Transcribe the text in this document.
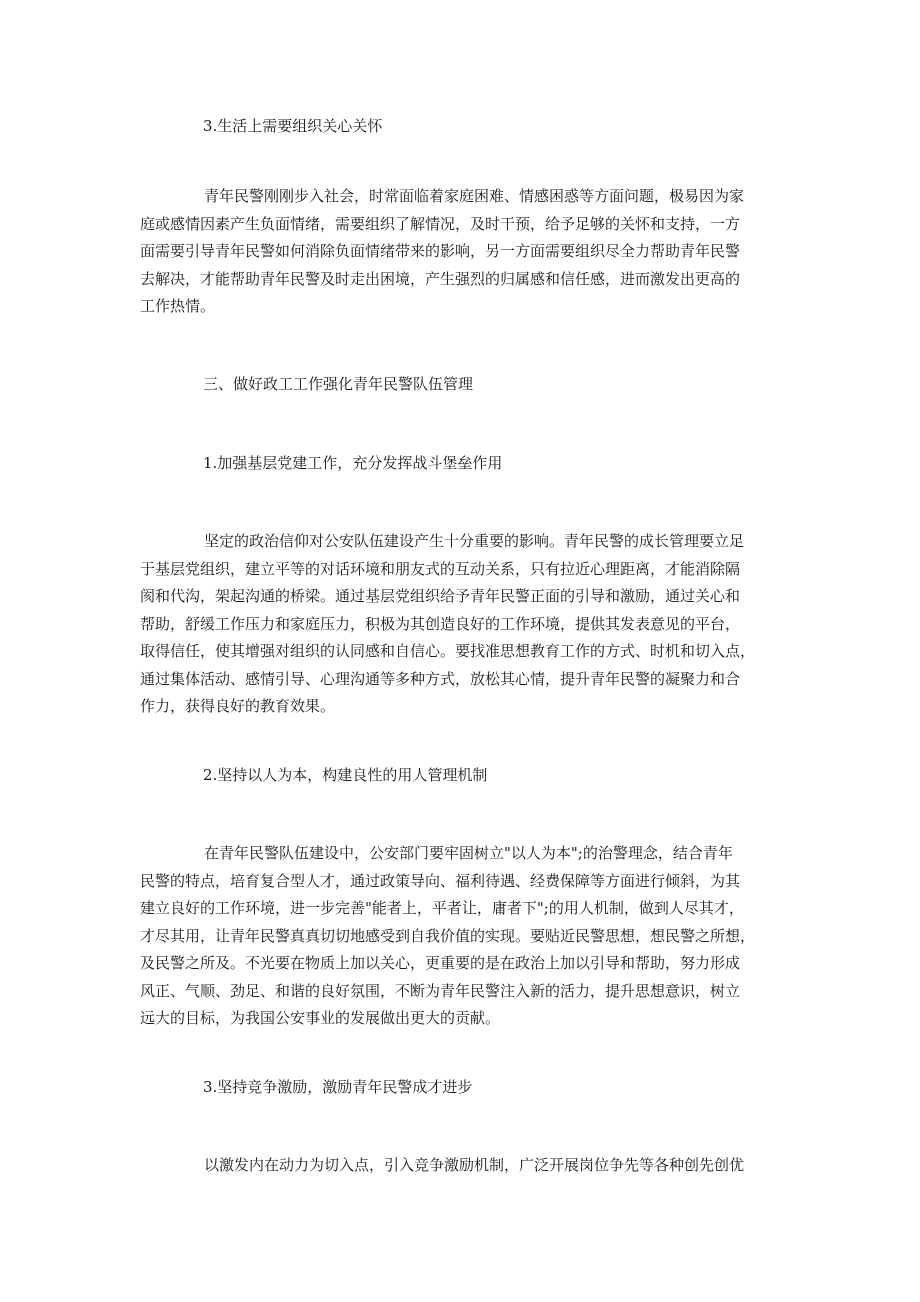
3.生活上需要组织关心关怀
青年民警刚刚步入社会，时常面临着家庭困难、情感困惑等方面问题，极易因为家
庭或感情因素产生负面情绪，需要组织了解情况，及时干预，给予足够的关怀和支持，一方
面需要引导青年民警如何消除负面情绪带来的影响，另一方面需要组织尽全力帮助青年民警
去解决，才能帮助青年民警及时走出困境，产生强烈的归属感和信任感，进而激发出更高的
工作热情。
三、做好政工工作强化青年民警队伍管理
1.加强基层党建工作，充分发挥战斗堡垒作用
坚定的政治信仰对公安队伍建设产生十分重要的影响。青年民警的成长管理要立足
于基层党组织，建立平等的对话环境和朋友式的互动关系，只有拉近心理距离，才能消除隔
阂和代沟，架起沟通的桥梁。通过基层党组织给予青年民警正面的引导和激励，通过关心和
帮助，舒缓工作压力和家庭压力，积极为其创造良好的工作环境，提供其发表意见的平台，
取得信任，使其增强对组织的认同感和自信心。要找准思想教育工作的方式、时机和切入点，
通过集体活动、感情引导、心理沟通等多种方式，放松其心情，提升青年民警的凝聚力和合
作力，获得良好的教育效果。
2.坚持以人为本，构建良性的用人管理机制
在青年民警队伍建设中，公安部门要牢固树立"以人为本";的治警理念，结合青年
民警的特点，培育复合型人才，通过政策导向、福利待遇、经费保障等方面进行倾斜，为其
建立良好的工作环境，进一步完善"能者上，平者让，庸者下";的用人机制，做到人尽其才，
才尽其用，让青年民警真真切切地感受到自我价值的实现。要贴近民警思想，想民警之所想，
及民警之所及。不光要在物质上加以关心，更重要的是在政治上加以引导和帮助，努力形成
风正、气顺、劲足、和谐的良好氛围，不断为青年民警注入新的活力，提升思想意识，树立
远大的目标，为我国公安事业的发展做出更大的贡献。
3.坚持竞争激励，激励青年民警成才进步
以激发内在动力为切入点，引入竞争激励机制，广泛开展岗位争先等各种创先创优
